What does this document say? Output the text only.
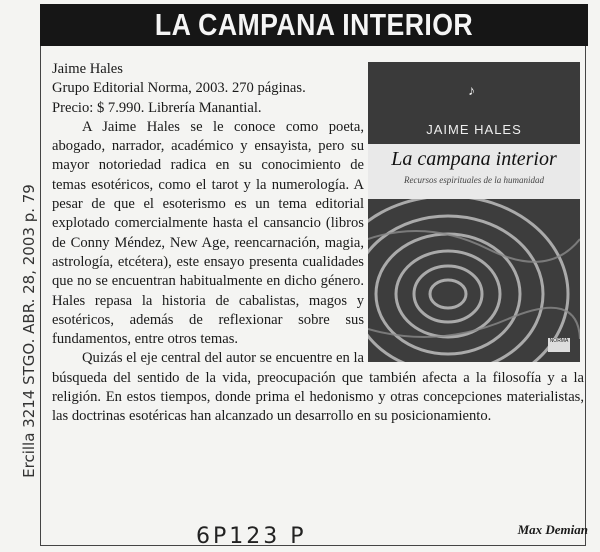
LA CAMPANA INTERIOR
Ercilla 3214 STGO. ABR. 28, 2003 p. 79
Jaime Hales
Grupo Editorial Norma, 2003. 270 páginas.
Precio: $ 7.990. Librería Manantial.

A Jaime Hales se le conoce como poeta, abogado, narrador, académico y ensayista, pero su mayor notoriedad radica en su conocimiento de temas esotéricos, como el tarot y la numerología. A pesar de que el esoterismo es un tema editorial explotado comercialmente hasta el cansancio (libros de Conny Méndez, New Age, reencarnación, magia, astrología, etcétera), este ensayo presenta cualidades que no se encuentran habitualmente en dicho género. Hales repasa la historia de cabalistas, magos y esotéricos, además de reflexionar sobre sus fundamentos, entre otros temas.

Quizás el eje central del autor se encuentre en la búsqueda del sentido de la vida, preocupación que también afecta a la filosofía y a la religión. En estos tiempos, donde prima el hedonismo y otras concepciones materialistas, las doctrinas esotéricas han alcanzado un desarrollo en su posicionamiento.

♪
JAIME HALES
La campana interior
Recursos espirituales de la humanidad
NORMA
Max Demian
6P123 P
